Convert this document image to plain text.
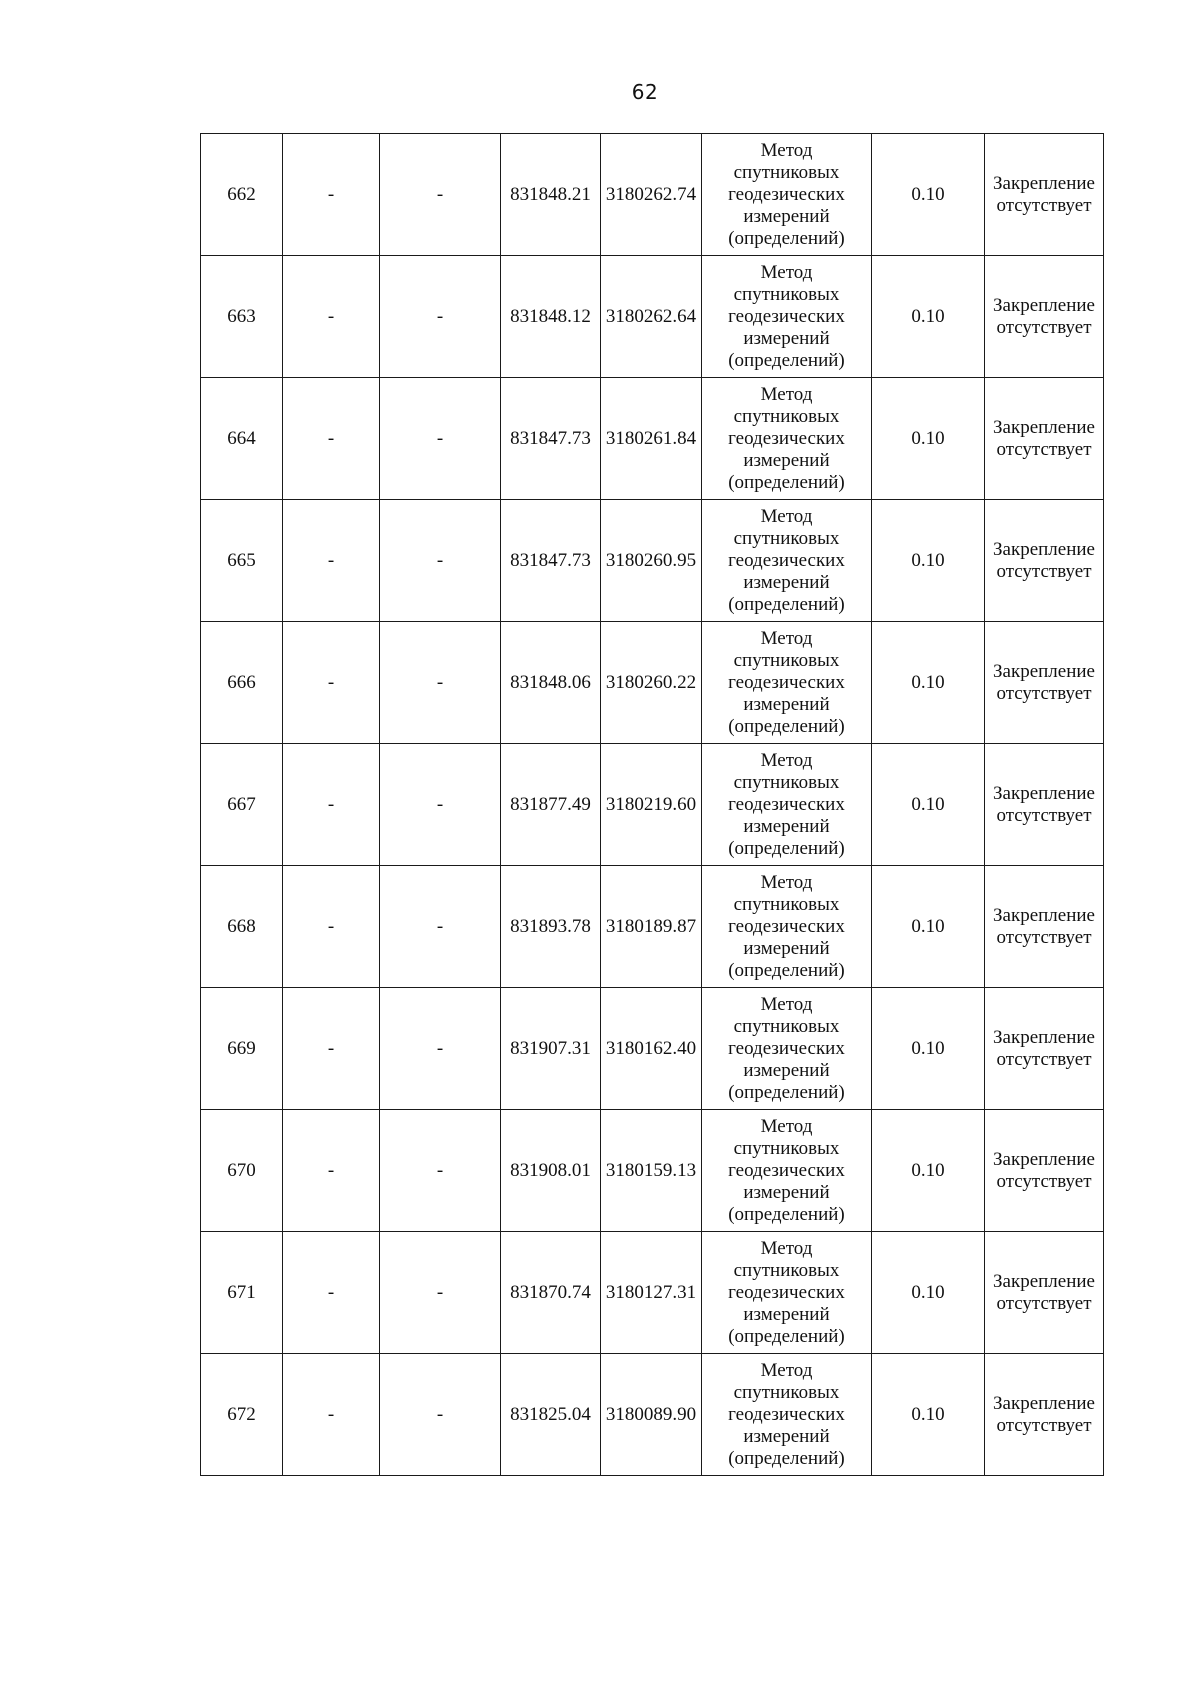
62
662	-	-	831848.21	3180262.74	Метод
спутниковых
геодезических
измерений
(определений)	0.10	Закрепление
отсутствует
663	-	-	831848.12	3180262.64	Метод
спутниковых
геодезических
измерений
(определений)	0.10	Закрепление
отсутствует
664	-	-	831847.73	3180261.84	Метод
спутниковых
геодезических
измерений
(определений)	0.10	Закрепление
отсутствует
665	-	-	831847.73	3180260.95	Метод
спутниковых
геодезических
измерений
(определений)	0.10	Закрепление
отсутствует
666	-	-	831848.06	3180260.22	Метод
спутниковых
геодезических
измерений
(определений)	0.10	Закрепление
отсутствует
667	-	-	831877.49	3180219.60	Метод
спутниковых
геодезических
измерений
(определений)	0.10	Закрепление
отсутствует
668	-	-	831893.78	3180189.87	Метод
спутниковых
геодезических
измерений
(определений)	0.10	Закрепление
отсутствует
669	-	-	831907.31	3180162.40	Метод
спутниковых
геодезических
измерений
(определений)	0.10	Закрепление
отсутствует
670	-	-	831908.01	3180159.13	Метод
спутниковых
геодезических
измерений
(определений)	0.10	Закрепление
отсутствует
671	-	-	831870.74	3180127.31	Метод
спутниковых
геодезических
измерений
(определений)	0.10	Закрепление
отсутствует
672	-	-	831825.04	3180089.90	Метод
спутниковых
геодезических
измерений
(определений)	0.10	Закрепление
отсутствует
